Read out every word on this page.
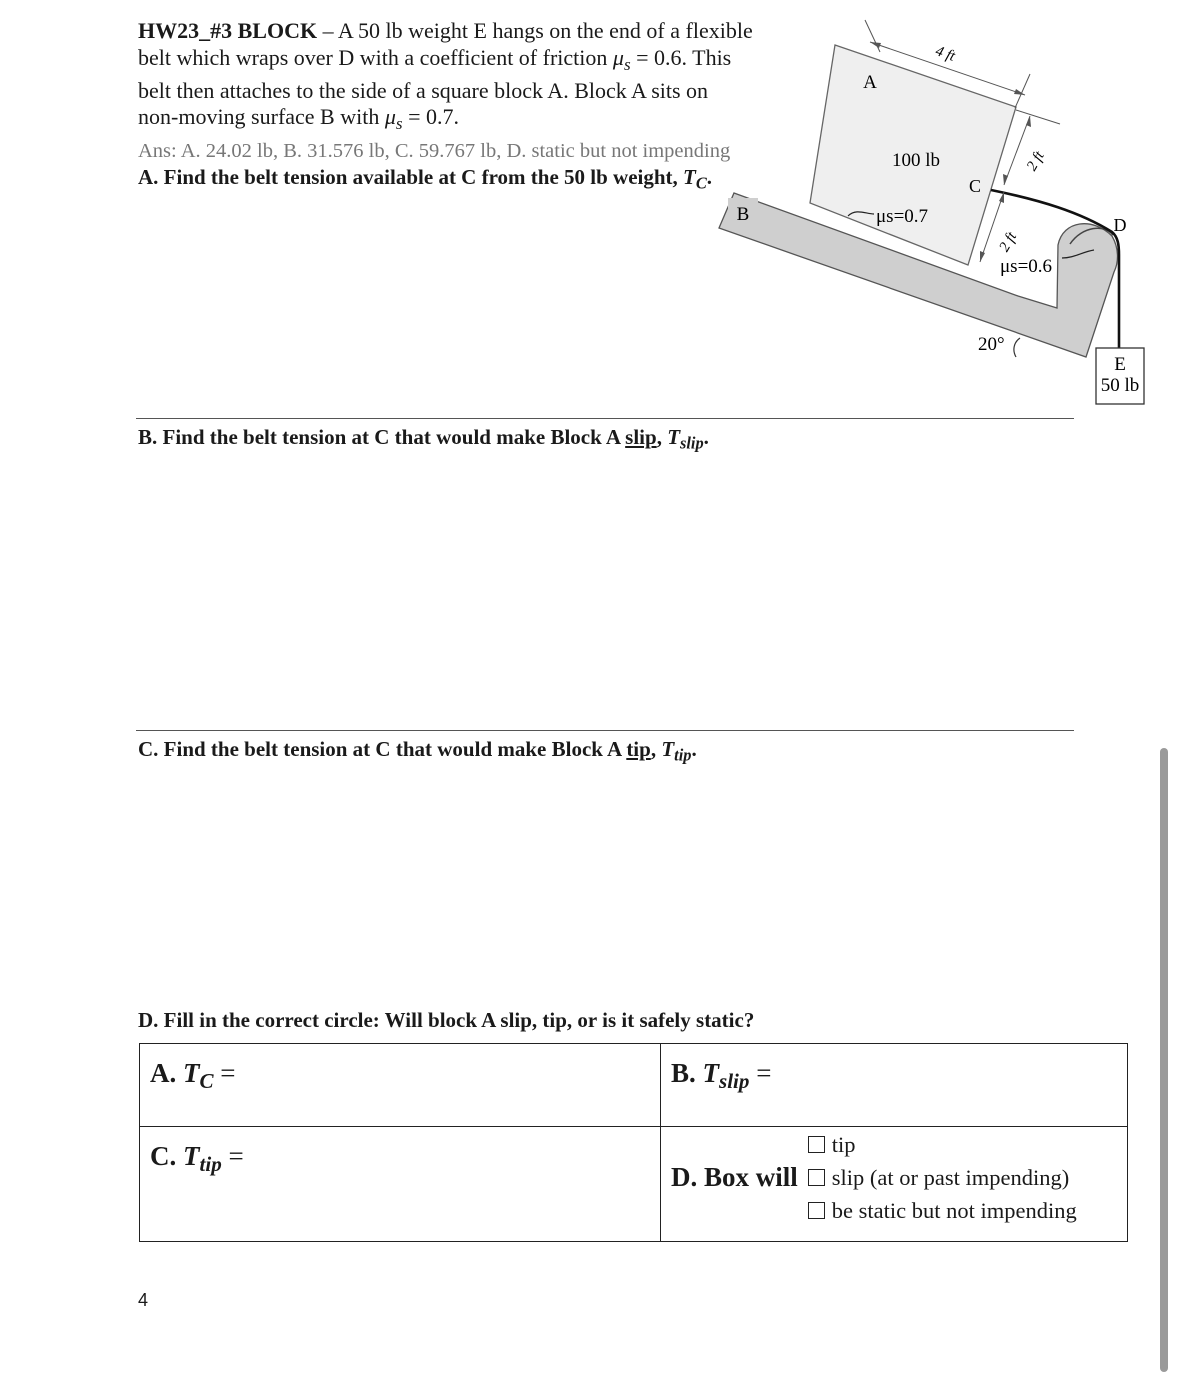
HW23_#3 BLOCK – A 50 lb weight E hangs on the end of a flexible

belt which wraps over D with a coefficient of friction $\mu_s = 0.6$. This

belt then attaches to the side of a square block A. Block A sits on

non-moving surface B with $\mu_s = 0.7$.

Ans: A. 24.02 lb, B. 31.576 lb, C. 59.767 lb, D. static but not impending

A. Find the belt tension available at C from the 50 lb weight, $T_C$.

E
50 lb
4 ft
2 ft
2 ft
A
100 lb
C
B	D
μs=0.7
μs=0.6
20°
B. Find the belt tension at C that would make Block A slip, $T_{slip}$.
C. Find the belt tension at C that would make Block A tip, $T_{tip}$.
D. Fill in the correct circle: Will block A slip, tip, or is it safely static?
A. $T_C$ =	B. $T_{slip}$ =
C. $T_{tip}$ =	D. Box will
tip
slip (at or past impending)
be static but not impending
4
